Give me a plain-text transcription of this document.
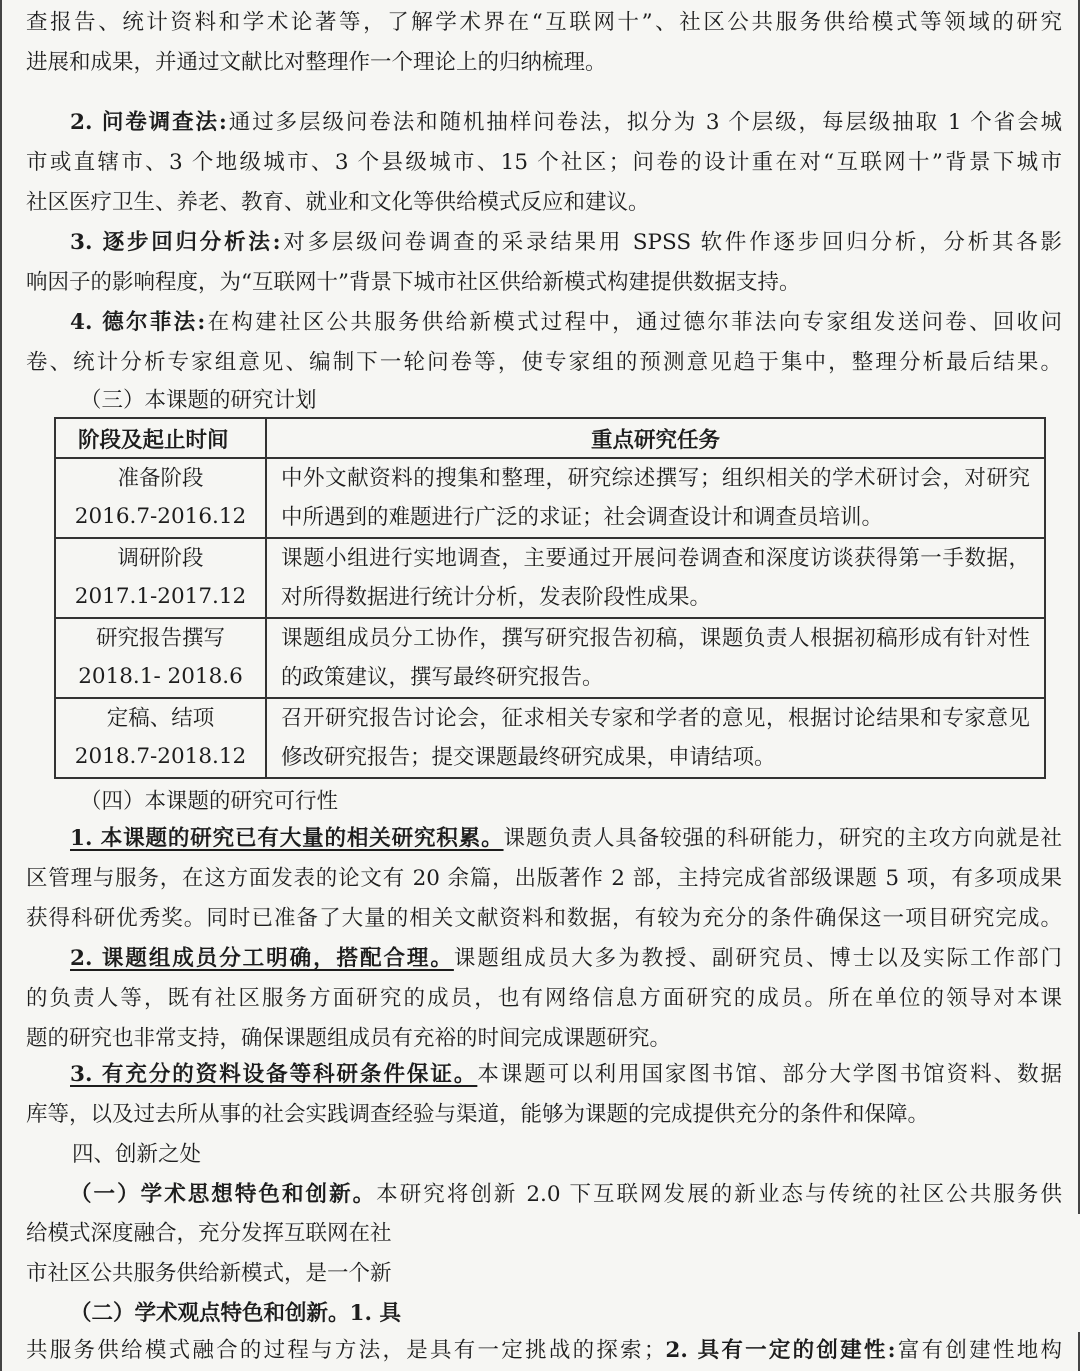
查报告、统计资料和学术论著等，了解学术界在“互联网十”、社区公共服务供给模式等领域的研究
进展和成果，并通过文献比对整理作一个理论上的归纳梳理。
2. 问卷调查法:通过多层级问卷法和随机抽样问卷法，拟分为 3 个层级，每层级抽取 1 个省会城
市或直辖市、3 个地级城市、3 个县级城市、15 个社区；问卷的设计重在对“互联网十”背景下城市
社区医疗卫生、养老、教育、就业和文化等供给模式反应和建议。
3. 逐步回归分析法:对多层级问卷调查的采录结果用 SPSS 软件作逐步回归分析，分析其各影
响因子的影响程度，为“互联网十”背景下城市社区供给新模式构建提供数据支持。
4. 德尔菲法:在构建社区公共服务供给新模式过程中，通过德尔菲法向专家组发送问卷、回收问
卷、统计分析专家组意见、编制下一轮问卷等，使专家组的预测意见趋于集中，整理分析最后结果。
（三）本课题的研究计划
阶段及起止时间	重点研究任务

准备阶段
2016.7-2016.12	中外文献资料的搜集和整理，研究综述撰写；组织相关的学术研讨会，对研究中所遇到的难题进行广泛的求证；社会调查设计和调查员培训。

调研阶段
2017.1-2017.12	课题小组进行实地调查，主要通过开展问卷调查和深度访谈获得第一手数据，对所得数据进行统计分析，发表阶段性成果。

研究报告撰写
2018.1- 2018.6	课题组成员分工协作，撰写研究报告初稿，课题负责人根据初稿形成有针对性的政策建议，撰写最终研究报告。

定稿、结项
2018.7-2018.12	召开研究报告讨论会，征求相关专家和学者的意见，根据讨论结果和专家意见修改研究报告；提交课题最终研究成果，申请结项。
（四）本课题的研究可行性
1. 本课题的研究已有大量的相关研究积累。课题负责人具备较强的科研能力，研究的主攻方向就是社
区管理与服务，在这方面发表的论文有 20 余篇，出版著作 2 部，主持完成省部级课题 5 项，有多项成果
获得科研优秀奖。同时已准备了大量的相关文献资料和数据，有较为充分的条件确保这一项目研究完成。
2. 课题组成员分工明确，搭配合理。课题组成员大多为教授、副研究员、博士以及实际工作部门
的负责人等，既有社区服务方面研究的成员，也有网络信息方面研究的成员。所在单位的领导对本课
题的研究也非常支持，确保课题组成员有充裕的时间完成课题研究。
3. 有充分的资料设备等科研条件保证。本课题可以利用国家图书馆、部分大学图书馆资料、数据
库等，以及过去所从事的社会实践调查经验与渠道，能够为课题的完成提供充分的条件和保障。
四、创新之处
（一）学术思想特色和创新。本研究将创新 2.0 下互联网发展的新业态与传统的社区公共服务供
给模式深度融合，充分发挥互联网在社
市社区公共服务供给新模式，是一个新
（二）学术观点特色和创新。1. 具
共服务供给模式融合的过程与方法，是具有一定挑战的探索；2. 具有一定的创建性:富有创建性地构
